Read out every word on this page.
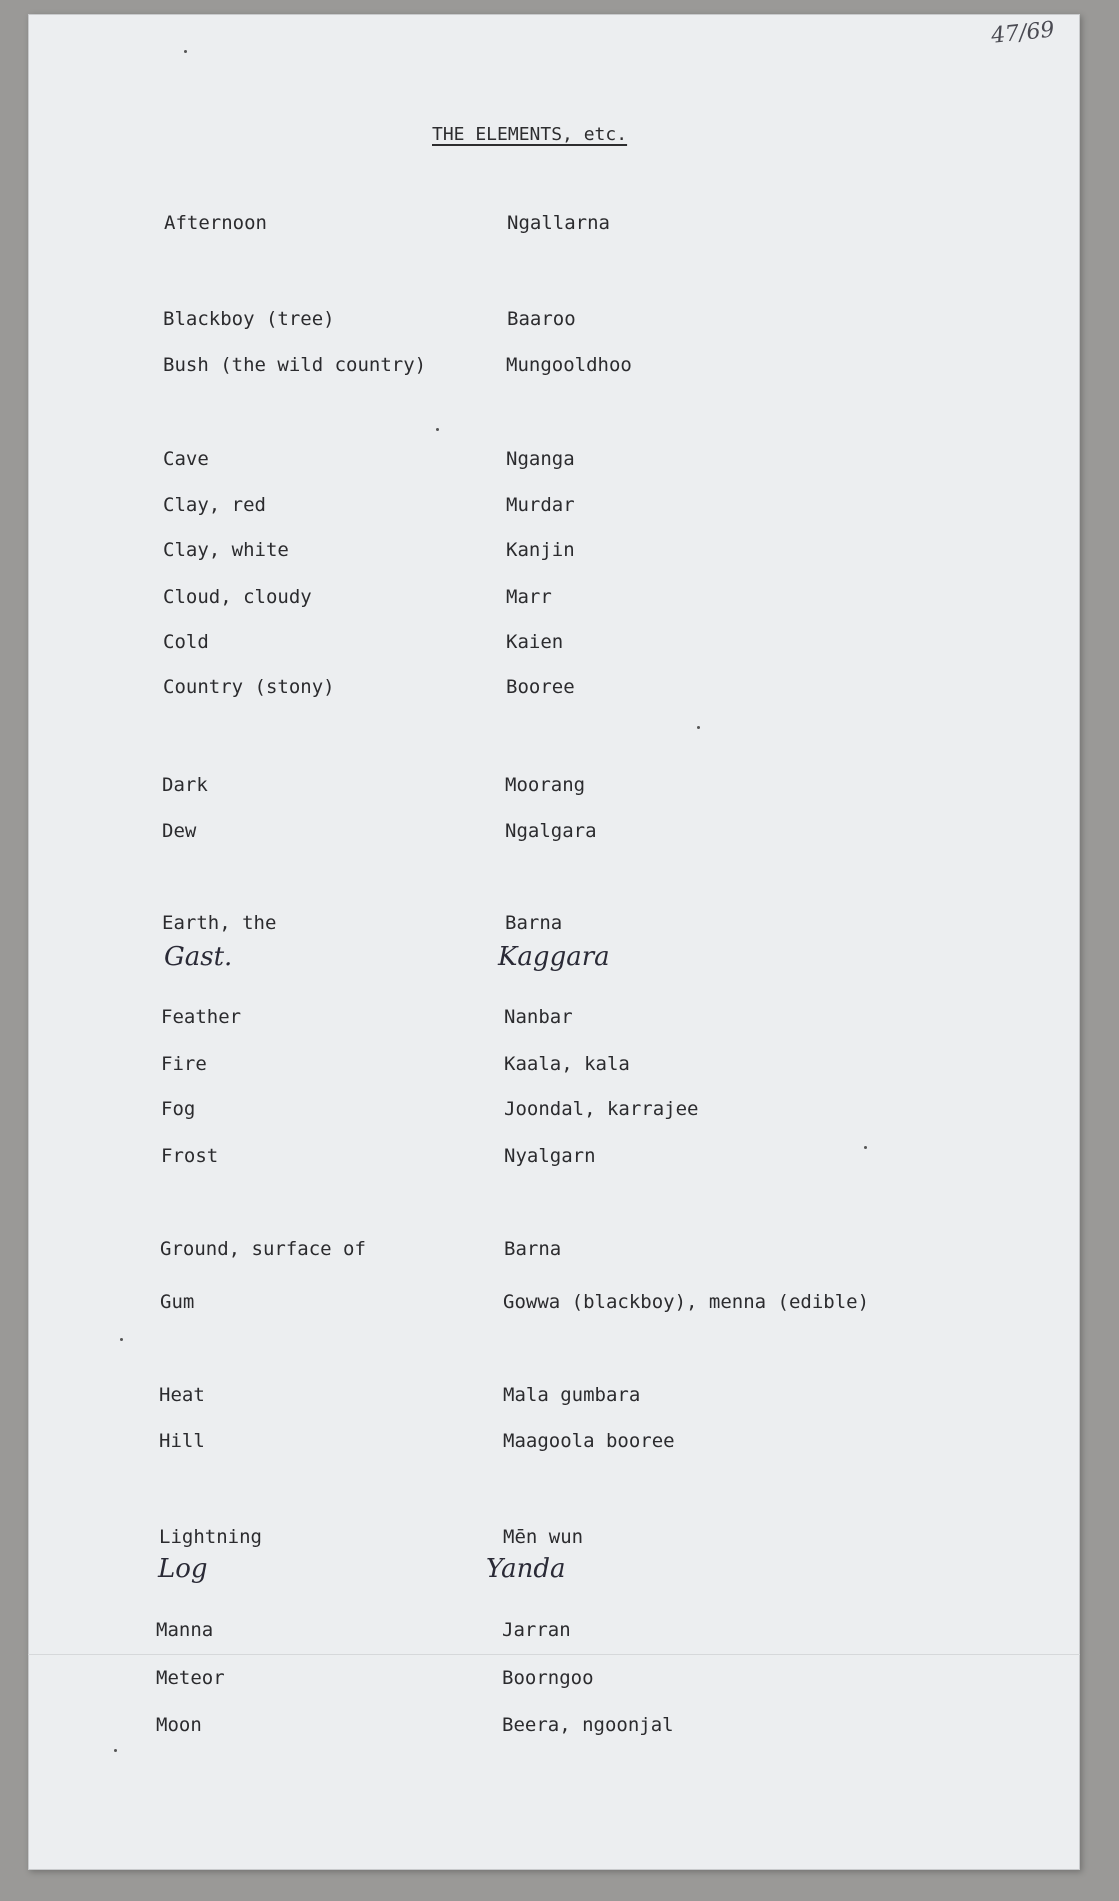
47/69
THE ELEMENTS, etc.
Afternoon	Ngallarna
Blackboy (tree)	Baaroo
Bush (the wild country)	Mungooldhoo
Cave	Nganga
Clay, red	Murdar
Clay, white	Kanjin
Cloud, cloudy	Marr
Cold	Kaien
Country (stony)	Booree
Dark	Moorang
Dew	Ngalgara
Earth, the	Barna
Gast.	Kaggara
Feather	Nanbar
Fire	Kaala, kala
Fog	Joondal, karrajee
Frost	Nyalgarn
Ground, surface of	Barna
Gum	Gowwa (blackboy), menna (edible)
Heat	Mala gumbara
Hill	Maagoola booree
Lightning	Mēn wun
Log	Yanda
Manna	Jarran
Meteor	Boorngoo
Moon	Beera, ngoonjal
